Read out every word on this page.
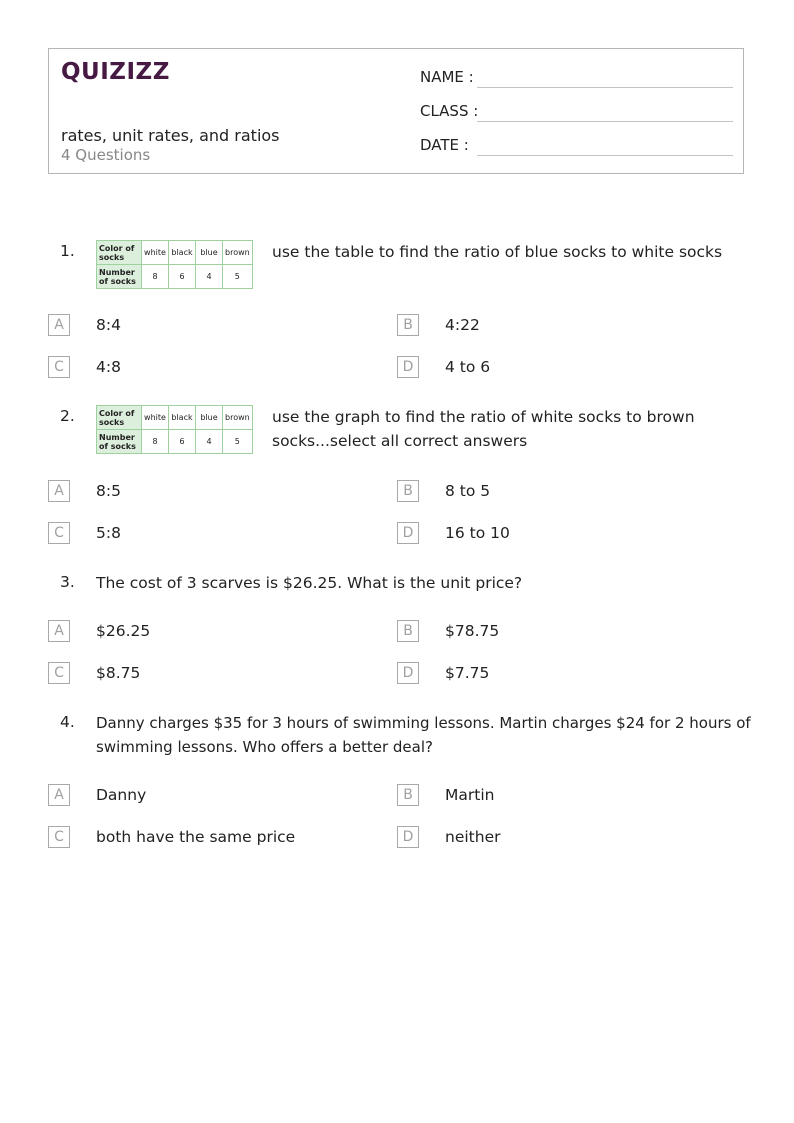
QUIZIZZ
rates, unit rates, and ratios
4 Questions
NAME :
CLASS :
DATE :
1.	Color of socks	white	black	blue	brown
Number of socks	8	6	4	5
use the table to find the ratio of blue socks to white socks
A	8:4	B	4:22
C	4:8	D	4 to 6
2.	Color of socks	white	black	blue	brown
Number of socks	8	6	4	5
use the graph to find the ratio of white socks to brown
socks...select all correct answers
A	8:5	B	8 to 5
C	5:8	D	16 to 10
3. The cost of 3 scarves is $26.25. What is the unit price?
A	$26.25	B	$78.75
C	$8.75	D	$7.75
4. Danny charges $35 for 3 hours of swimming lessons. Martin charges $24 for 2 hours of
swimming lessons. Who offers a better deal?
A	Danny	B	Martin
C	both have the same price	D	neither
